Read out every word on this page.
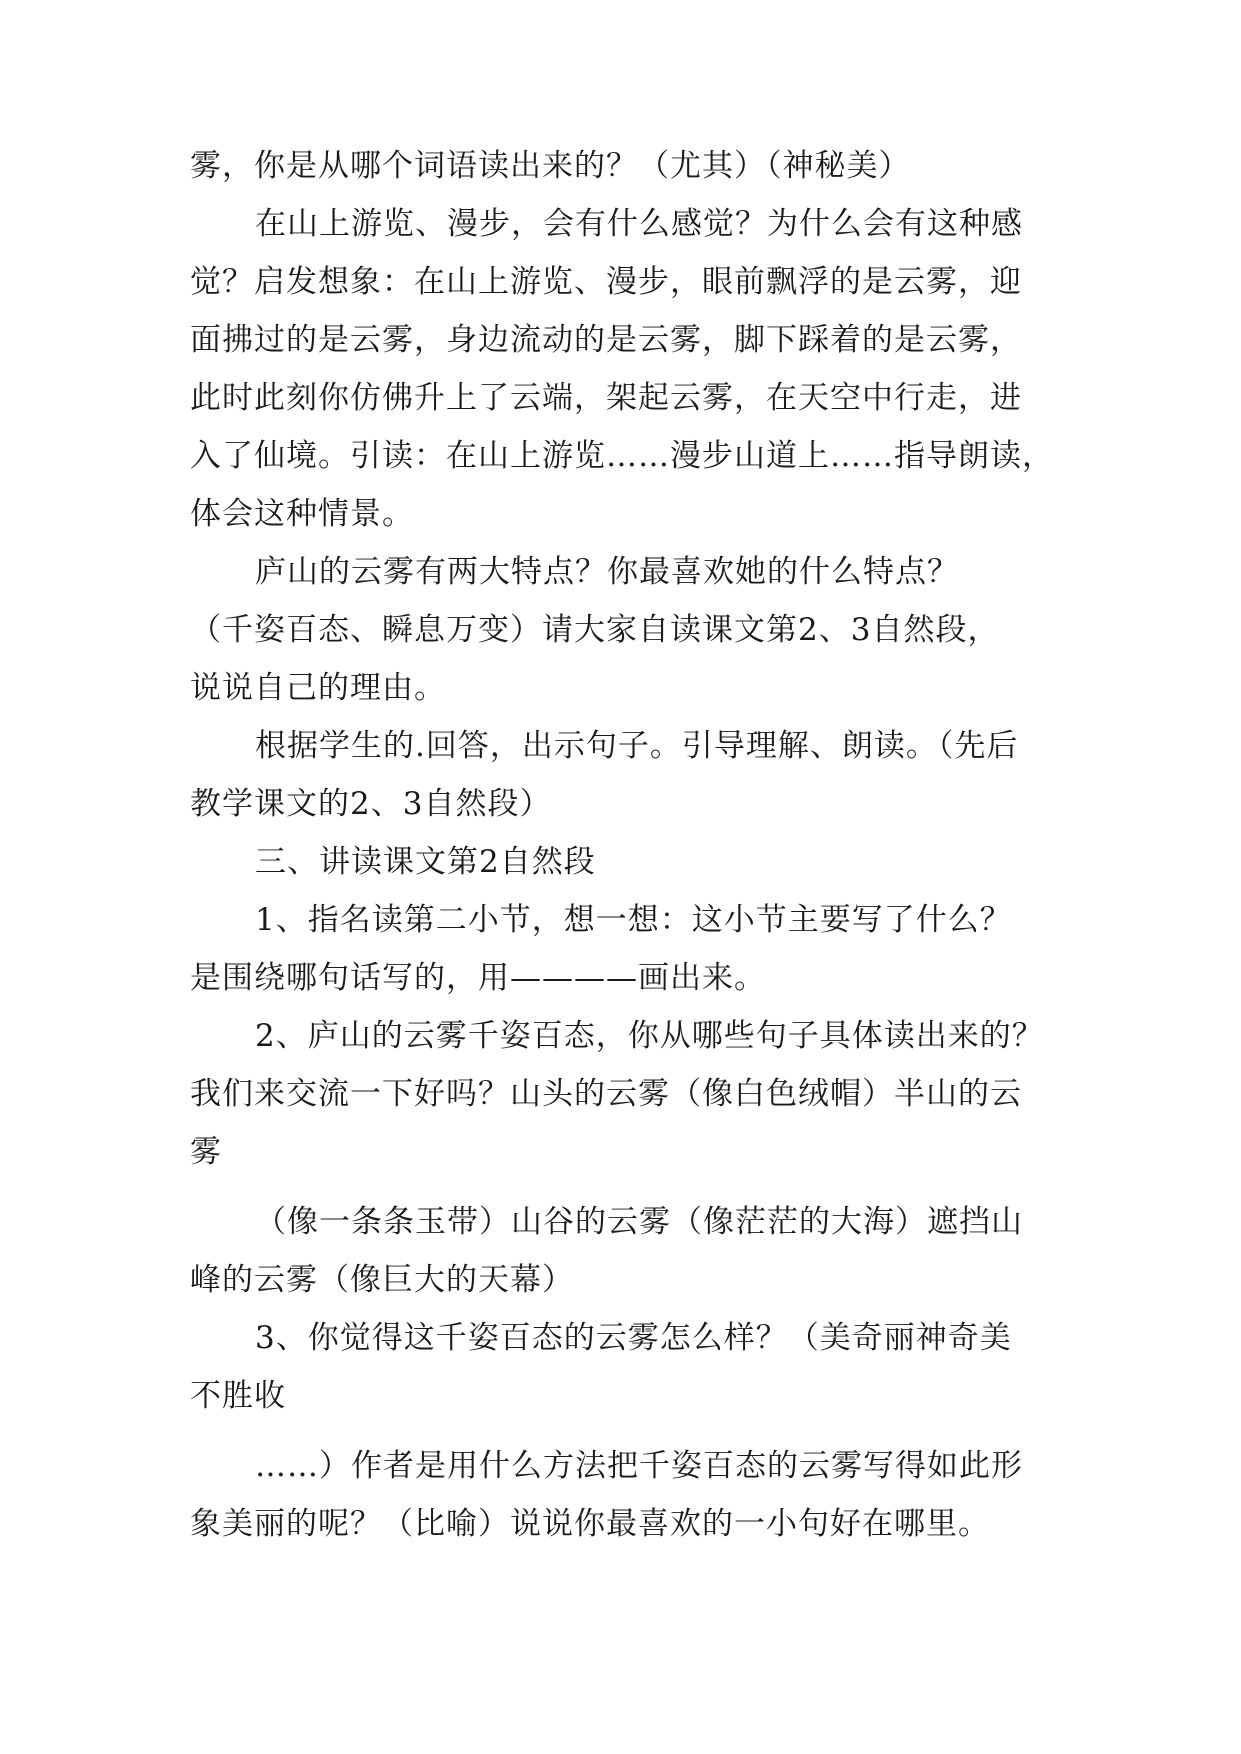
雾，你是从哪个词语读出来的？（尤其）（神秘美）
在山上游览、漫步，会有什么感觉？为什么会有这种感
觉？启发想象：在山上游览、漫步，眼前飘浮的是云雾，迎
面拂过的是云雾，身边流动的是云雾，脚下踩着的是云雾，
此时此刻你仿佛升上了云端，架起云雾，在天空中行走，进
入了仙境。引读：在山上游览……漫步山道上……指导朗读，
体会这种情景。
庐山的云雾有两大特点？你最喜欢她的什么特点？
（千姿百态、瞬息万变）请大家自读课文第2、3自然段，
说说自己的理由。
根据学生的.回答，出示句子。引导理解、朗读。（先后
教学课文的2、3自然段）
三、讲读课文第2自然段
1、指名读第二小节，想一想：这小节主要写了什么？
是围绕哪句话写的，用————画出来。
2、庐山的云雾千姿百态，你从哪些句子具体读出来的？
我们来交流一下好吗？山头的云雾（像白色绒帽）半山的云
雾
（像一条条玉带）山谷的云雾（像茫茫的大海）遮挡山
峰的云雾（像巨大的天幕）
3、你觉得这千姿百态的云雾怎么样？（美奇丽神奇美
不胜收
……）作者是用什么方法把千姿百态的云雾写得如此形
象美丽的呢？（比喻）说说你最喜欢的一小句好在哪里。
